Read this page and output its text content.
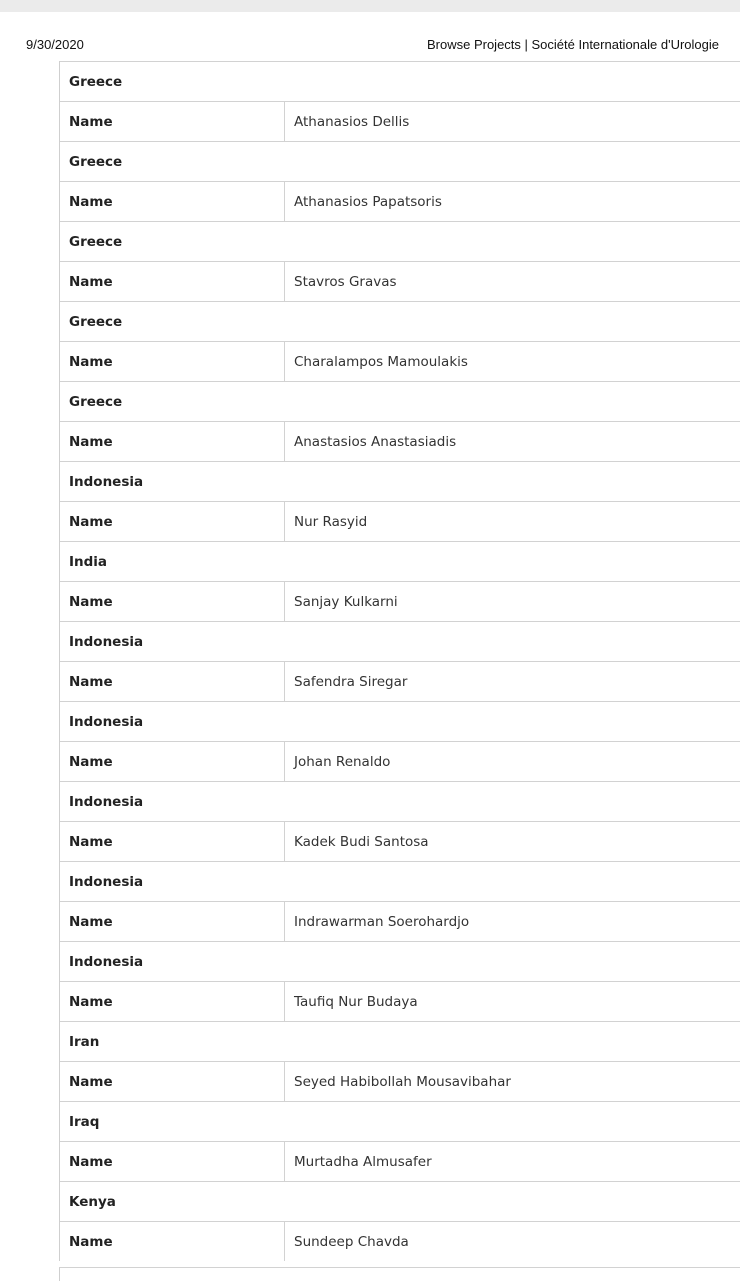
9/30/2020	Browse Projects | Société Internationale d'Urologie
Greece
Name	Athanasios Dellis
Greece
Name	Athanasios Papatsoris
Greece
Name	Stavros Gravas
Greece
Name	Charalampos Mamoulakis
Greece
Name	Anastasios Anastasiadis
Indonesia
Name	Nur Rasyid
India
Name	Sanjay Kulkarni
Indonesia
Name	Safendra Siregar
Indonesia
Name	Johan Renaldo
Indonesia
Name	Kadek Budi Santosa
Indonesia
Name	Indrawarman Soerohardjo
Indonesia
Name	Taufiq Nur Budaya
Iran
Name	Seyed Habibollah Mousavibahar
Iraq
Name	Murtadha Almusafer
Kenya
Name	Sundeep Chavda
